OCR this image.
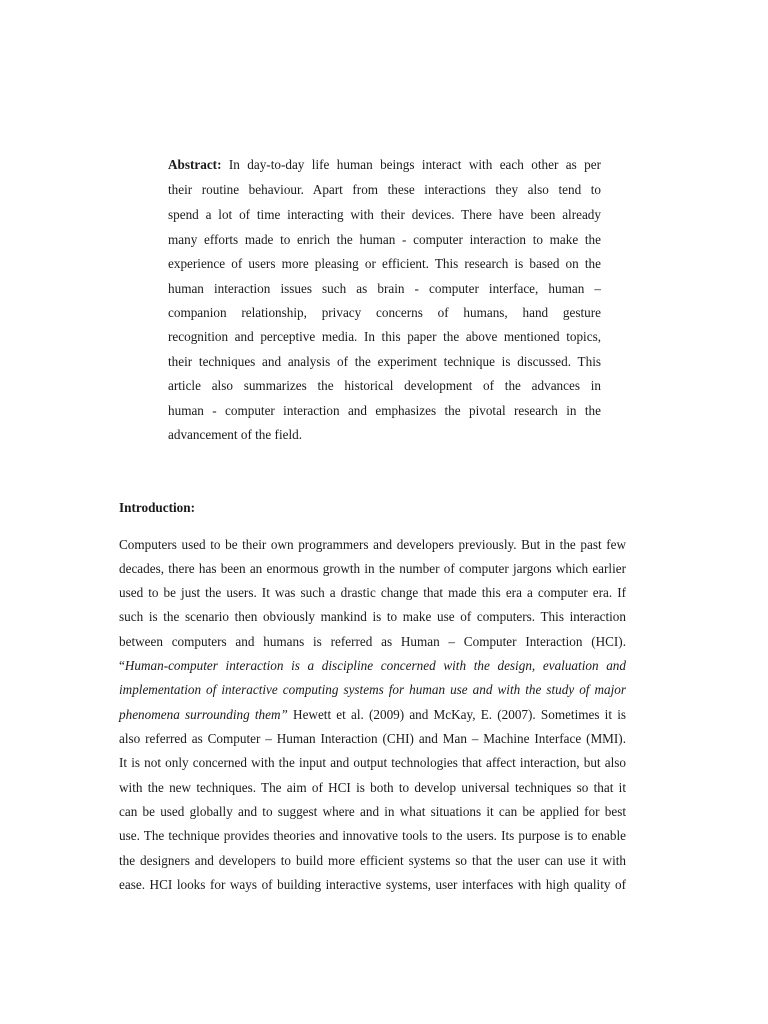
Abstract: In day-to-day life human beings interact with each other as per
their routine behaviour. Apart from these interactions they also tend to
spend a lot of time interacting with their devices. There have been already
many efforts made to enrich the human - computer interaction to make the
experience of users more pleasing or efficient. This research is based on the
human interaction issues such as brain - computer interface, human –
companion relationship, privacy concerns of humans, hand gesture
recognition and perceptive media. In this paper the above mentioned topics,
their techniques and analysis of the experiment technique is discussed. This
article also summarizes the historical development of the advances in
human - computer interaction and emphasizes the pivotal research in the
advancement of the field.
Introduction:
Computers used to be their own programmers and developers previously. But in the past few
decades, there has been an enormous growth in the number of computer jargons which earlier
used to be just the users. It was such a drastic change that made this era a computer era. If
such is the scenario then obviously mankind is to make use of computers. This interaction
between computers and humans is referred as Human – Computer Interaction (HCI).
“Human-computer interaction is a discipline concerned with the design, evaluation and
implementation of interactive computing systems for human use and with the study of major
phenomena surrounding them” Hewett et al. (2009) and McKay, E. (2007). Sometimes it is
also referred as Computer – Human Interaction (CHI) and Man – Machine Interface (MMI).
It is not only concerned with the input and output technologies that affect interaction, but also
with the new techniques. The aim of HCI is both to develop universal techniques so that it
can be used globally and to suggest where and in what situations it can be applied for best
use. The technique provides theories and innovative tools to the users. Its purpose is to enable
the designers and developers to build more efficient systems so that the user can use it with
ease. HCI looks for ways of building interactive systems, user interfaces with high quality of
